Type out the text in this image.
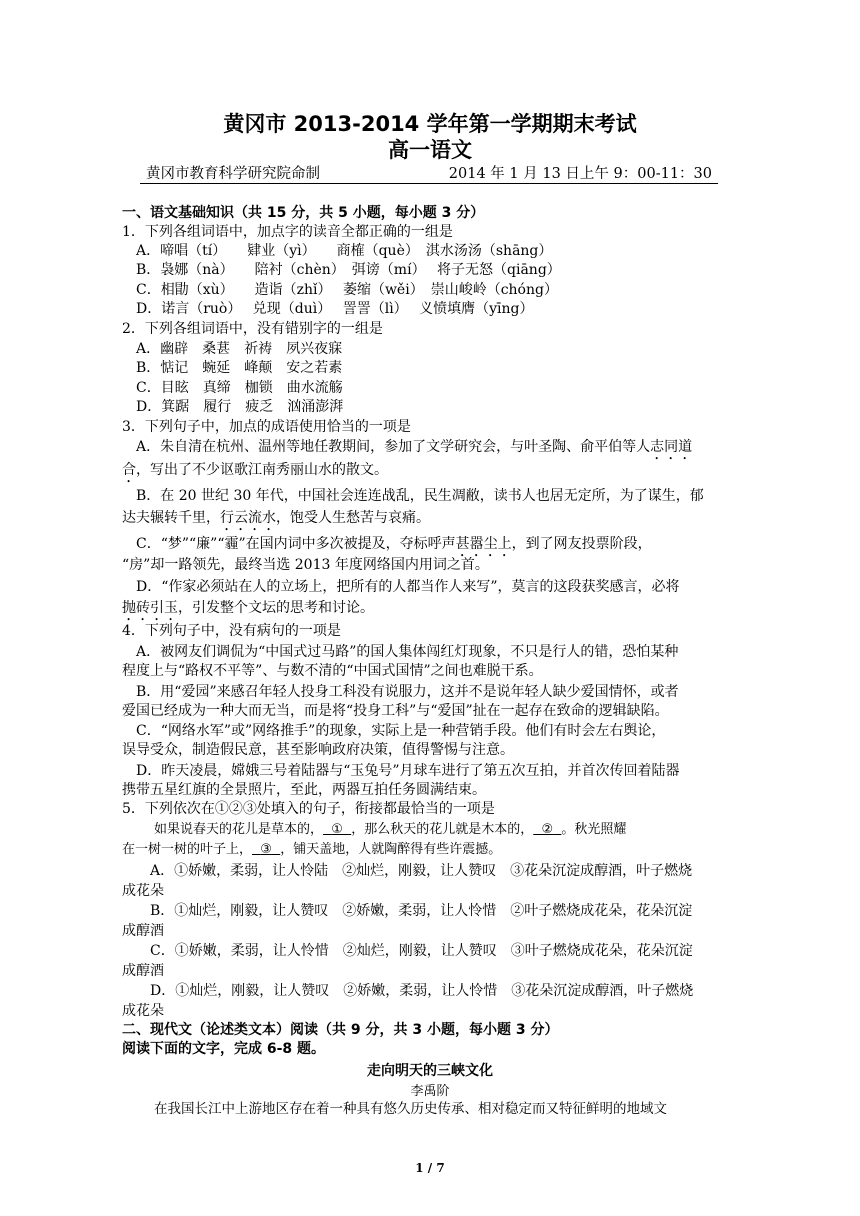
黄冈市 2013-2014 学年第一学期期末考试
高一语文
黄冈市教育科学研究院命制	2014 年 1 月 13 日上午 9：00-11：30
一、语文基础知识（共 15 分，共 5 小题，每小题 3 分）
1．下列各组词语中，加点字的读音全都正确的一组是
A．啼唱（tí）　　肄业（yì）　　商榷（què）　淇水汤汤（shāng）
B．袅娜（nà）　　陪衬（chèn）　弭谤（mí）　 将子无怒（qiāng）
C．相勖（xù）　　造诣（zhǐ）　 萎缩（wěi）　崇山峻岭（chóng）
D．诺言（ruò）　 兑现（duì）　 詈詈（lì）　 义愤填膺（yīng）
2．下列各组词语中，没有错别字的一组是
A．幽辟　桑葚　祈祷　夙兴夜寐
B．惦记　蜿延　峰颠　安之若素
C．目眩　真缔　枷锁　曲水流觞
D．箕踞　履行　疲乏　汹涌澎湃
3．下列句子中，加点的成语使用恰当的一项是
A．朱自清在杭州、温州等地任教期间，参加了文学研究会，与叶圣陶、俞平伯等人志同道
合，写出了不少讴歌江南秀丽山水的散文。
B．在 20 世纪 30 年代，中国社会连连战乱，民生凋敝，读书人也居无定所，为了谋生，郁
达夫辗转千里，行云流水，饱受人生愁苦与哀痛。
C．“梦”“廉”“霾”在国内词中多次被提及，夺标呼声甚嚣尘上，到了网友投票阶段，
“房”却一路领先，最终当选 2013 年度网络国内用词之首。
D．“作家必须站在人的立场上，把所有的人都当作人来写”，莫言的这段获奖感言，必将
抛砖引玉，引发整个文坛的思考和讨论。
4．下列句子中，没有病句的一项是
A．被网友们调侃为“中国式过马路”的国人集体闯红灯现象，不只是行人的错，恐怕某种
程度上与“路权不平等”、与数不清的“中国式国情”之间也难脱干系。
B．用“爱园”来感召年轻人投身工科没有说服力，这并不是说年轻人缺少爱国情怀，或者
爱国已经成为一种大而无当，而是将“投身工科”与“爱国”扯在一起存在致命的逻辑缺陷。
C．“网络水军”或”网络推手”的现象，实际上是一种营销手段。他们有时会左右舆论，
误导受众，制造假民意，甚至影响政府决策，值得警惕与注意。
D．昨天凌晨，嫦娥三号着陆器与“玉兔号”月球车进行了第五次互拍，并首次传回着陆器
携带五星红旗的全景照片，至此，两器互拍任务圆满结束。
5．下列依次在①②③处填入的句子，衔接都最恰当的一项是
如果说春天的花儿是草本的， ① ，那么秋天的花儿就是木本的， ② 。秋光照耀
在一树一树的叶子上， ③ ，铺天盖地，人就陶醉得有些许震撼。
A．①娇嫩，柔弱，让人怜陆　②灿烂，刚毅，让人赞叹　③花朵沉淀成醇酒，叶子燃烧
成花朵
B．①灿烂，刚毅，让人赞叹　②娇嫩，柔弱，让人怜惜　②叶子燃烧成花朵，花朵沉淀
成醇酒
C．①娇嫩，柔弱，让人怜惜　②灿烂，刚毅，让人赞叹　③叶子燃烧成花朵，花朵沉淀
成醇酒
D．①灿烂，刚毅，让人赞叹　②娇嫩，柔弱，让人怜惜　③花朵沉淀成醇酒，叶子燃烧
成花朵
二、现代文（论述类文本）阅读（共 9 分，共 3 小题，每小题 3 分）
阅读下面的文字，完成 6-8 题。
走向明天的三峡文化
李禹阶
在我国长江中上游地区存在着一种具有悠久历史传承、相对稳定而又特征鲜明的地域文
1 / 7
